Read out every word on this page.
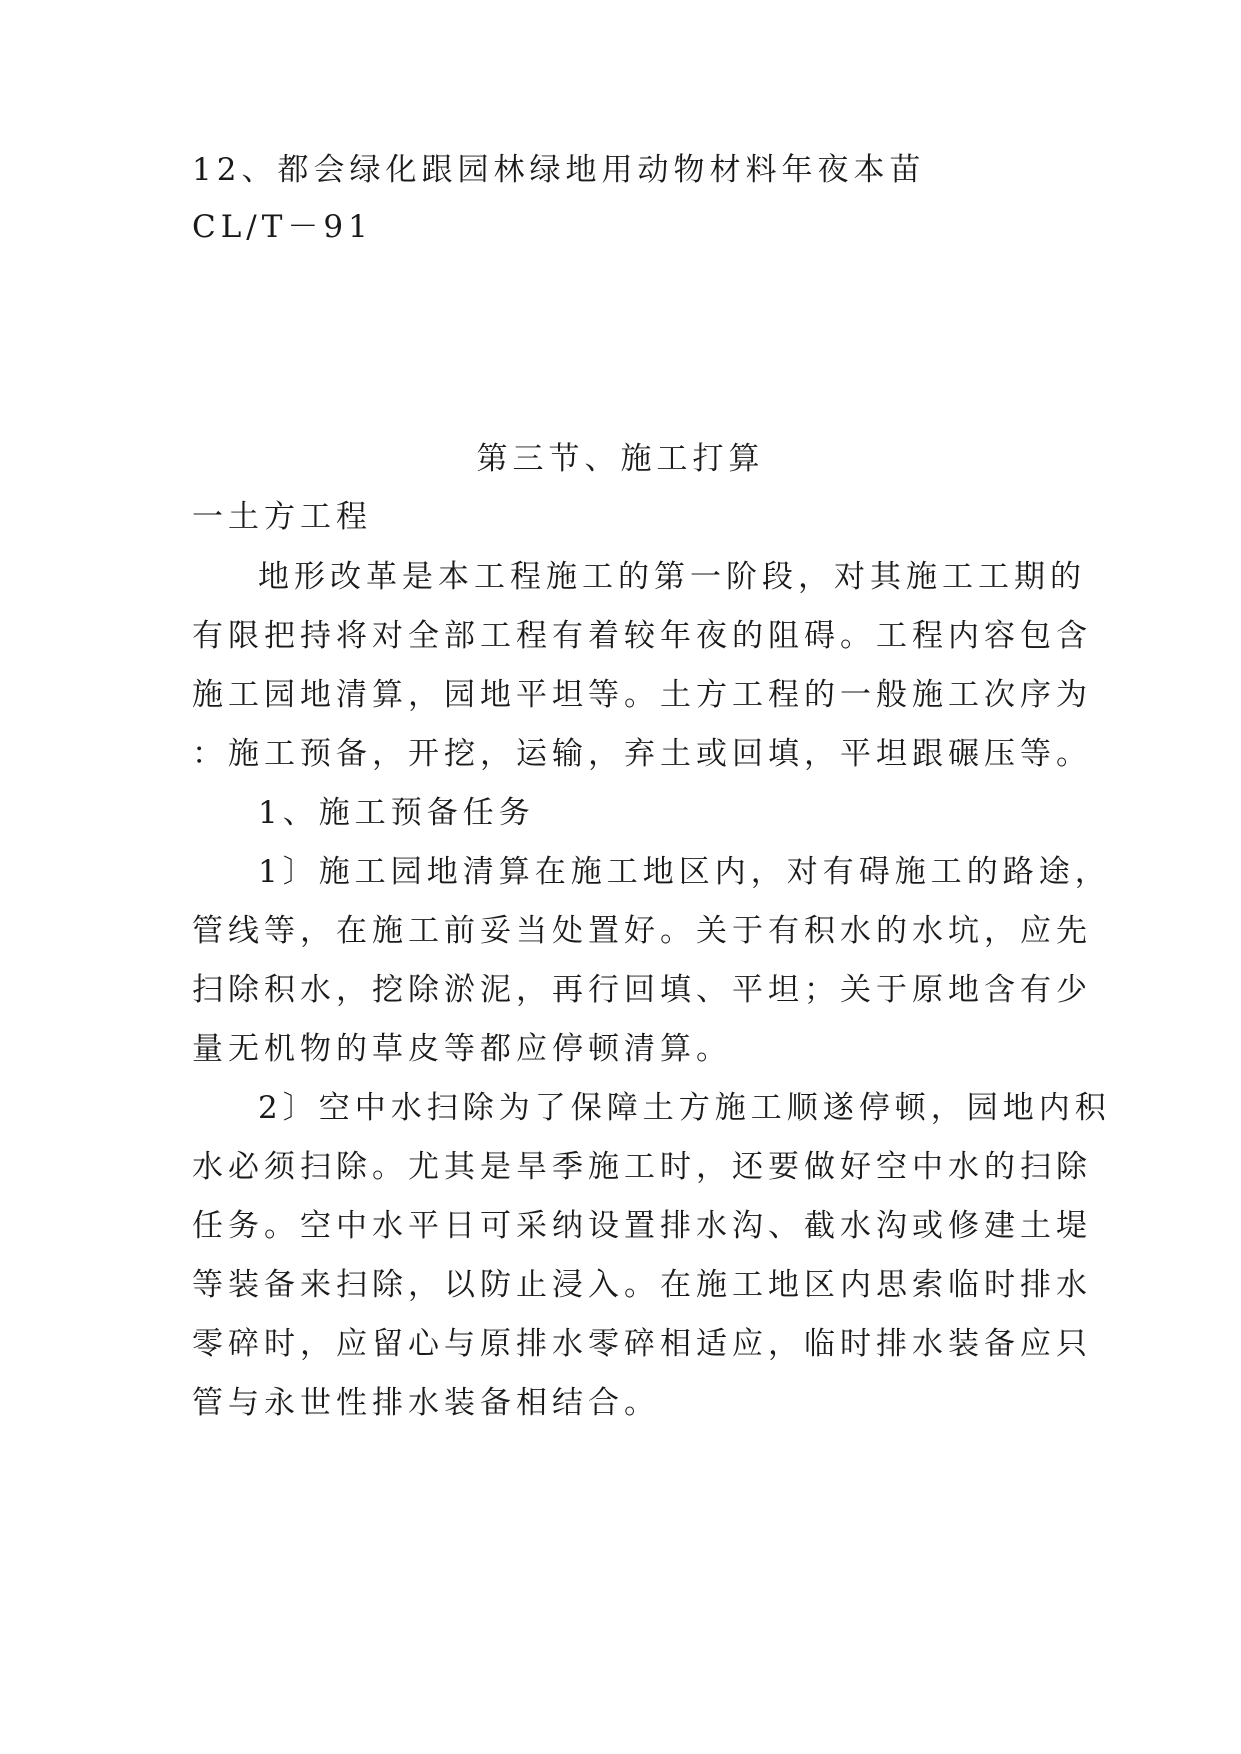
12、都会绿化跟园林绿地用动物材料年夜本苗
CL/T－91
第三节、施工打算
一土方工程
地形改革是本工程施工的第一阶段，对其施工工期的
有限把持将对全部工程有着较年夜的阻碍。工程内容包含
施工园地清算，园地平坦等。土方工程的一般施工次序为
：施工预备，开挖，运输，弃土或回填，平坦跟碾压等。
1、施工预备任务
1〕施工园地清算在施工地区内，对有碍施工的路途，
管线等，在施工前妥当处置好。关于有积水的水坑，应先
扫除积水，挖除淤泥，再行回填、平坦；关于原地含有少
量无机物的草皮等都应停顿清算。
2〕空中水扫除为了保障土方施工顺遂停顿，园地内积
水必须扫除。尤其是旱季施工时，还要做好空中水的扫除
任务。空中水平日可采纳设置排水沟、截水沟或修建土堤
等装备来扫除，以防止浸入。在施工地区内思索临时排水
零碎时，应留心与原排水零碎相适应，临时排水装备应只
管与永世性排水装备相结合。
